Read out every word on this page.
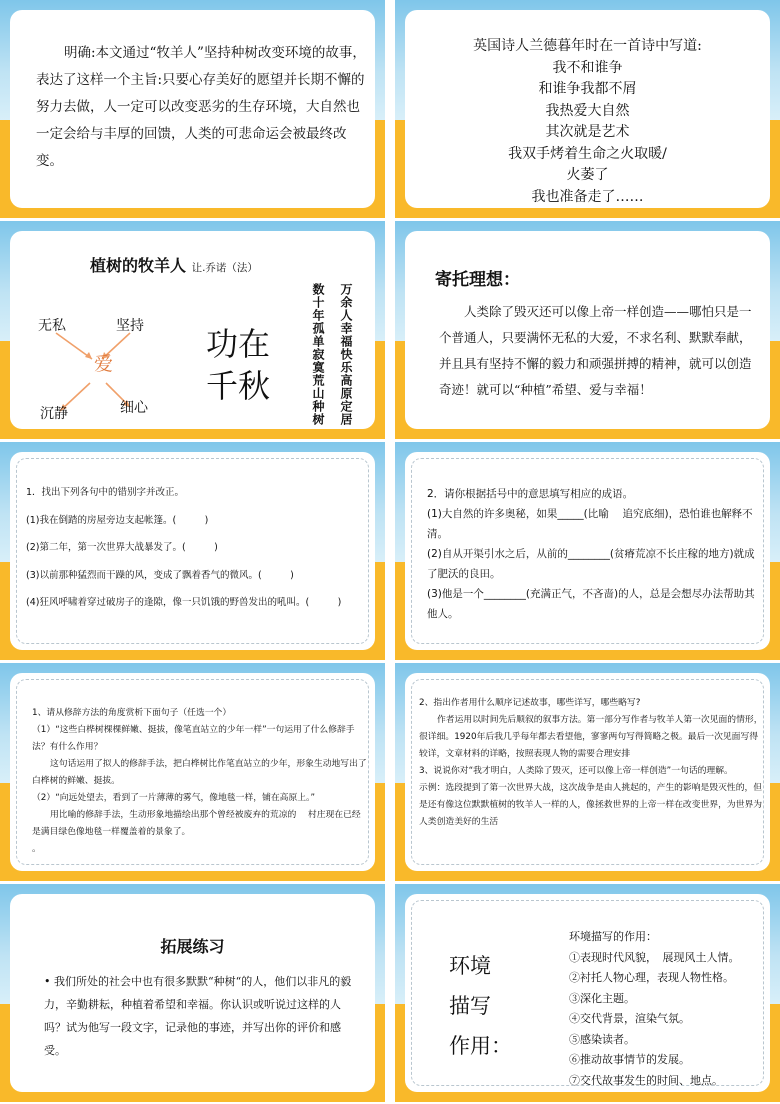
明确:本文通过“牧羊人”坚持种树改变环境的故事，表达了这样一个主旨:只要心存美好的愿望并长期不懈的努力去做，人一定可以改变恶劣的生存环境，大自然也一定会给与丰厚的回馈，人类的可悲命运会被最终改变。
英国诗人兰德暮年时在一首诗中写道:
我不和谁争
和谁争我都不屑
我热爱大自然
其次就是艺术
我双手烤着生命之火取暖/
火萎了
我也准备走了……
植树的牧羊人 让.乔诺（法）
无私	坚持
沉静	细心
爱
功在
千秋	万余人幸福快乐高原定居
数十年孤单寂寞荒山种树
寄托理想：
人类除了毁灭还可以像上帝一样创造——哪怕只是一个普通人，只要满怀无私的大爱，不求名利、默默奉献，并且具有坚持不懈的毅力和顽强拼搏的精神，就可以创造奇迹！就可以“种植”希望、爱与幸福！
1．找出下列各句中的错别字并改正。
(1)我在倒踏的房屋旁边支起帐篷。(　　　)
(2)第二年，第一次世界大战暴发了。(　　　)
(3)以前那种猛烈而干躁的风，变成了飘着香气的微风。(　　　)
(4)狂风呼啸着穿过破房子的逢隙，像一只饥饿的野兽发出的吼叫。(　　　)
2．请你根据括号中的意思填写相应的成语。
(1)大自然的许多奥秘，如果_____(比喻　 追究底细)，恐怕谁也解释不清。
(2)自从开渠引水之后，从前的________(贫瘠荒凉不长庄稼的地方)就成了肥沃的良田。
(3)他是一个________(充满正气，不吝啬)的人，总是会想尽办法帮助其他人。
1、请从修辞方法的角度赏析下面句子（任选一个）
（1）“这些白桦树棵棵鲜嫩、挺拔，像笔直站立的少年一样”一句运用了什么修辞手法？有什么作用？
这句话运用了拟人的修辞手法，把白桦树比作笔直站立的少年，形象生动地写出了白桦树的鲜嫩、挺拔。
（2）“向远处望去，看到了一片薄薄的雾气，像地毯一样，铺在高原上。”
用比喻的修辞手法，生动形象地描绘出那个曾经被废弃的荒凉的　 村庄现在已经是满目绿色像地毯一样覆盖着的景象了。
。
2、指出作者用什么顺序记述故事，哪些详写，哪些略写?
作者运用以时间先后顺叙的叙事方法。第一部分写作者与牧羊人第一次见面的情形，很详细。1920年后我几乎每年都去看望他，寥寥两句写得简略之极。最后一次见面写得较详，文章材料的详略，按照表现人物的需要合理安排
3、说说你对“我才明白，人类除了毁灭，还可以像上帝一样创造”一句话的理解。
示例：选段提到了第一次世界大战，这次战争是由人挑起的，产生的影响是毁灭性的，但是还有像这位默默植树的牧羊人一样的人，像拯救世界的上帝一样在改变世界，为世界为人类创造美好的生活
拓展练习
• 我们所处的社会中也有很多默默“种树“的人，他们以非凡的毅力，辛勤耕耘，种植着希望和幸福。你认识或听说过这样的人吗？试为他写一段文字，记录他的事迹，并写出你的评价和感受。
环境
描写
作用：
环境描写的作用：
①表现时代风貌，　展现风土人情。
②衬托人物心理，表现人物性格。
③深化主题。
④交代背景，渲染气氛。
⑤感染读者。
⑥推动故事情节的发展。
⑦交代故事发生的时间、地点。
